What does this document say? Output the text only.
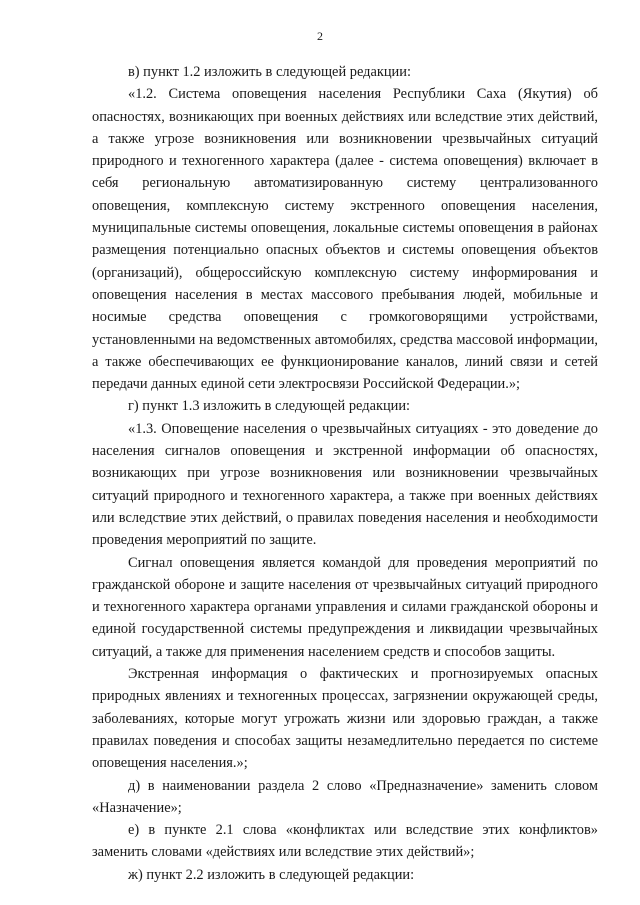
2

в) пункт 1.2 изложить в следующей редакции:

«1.2. Система оповещения населения Республики Саха (Якутия) об опасностях, возникающих при военных действиях или вследствие этих действий, а также угрозе возникновения или возникновении чрезвычайных ситуаций природного и техногенного характера (далее - система оповещения) включает в себя региональную автоматизированную систему централизованного оповещения, комплексную систему экстренного оповещения населения, муниципальные системы оповещения, локальные системы оповещения в районах размещения потенциально опасных объектов и системы оповещения объектов (организаций), общероссийскую комплексную систему информирования и оповещения населения в местах массового пребывания людей, мобильные и носимые средства оповещения с громкоговорящими устройствами, установленными на ведомственных автомобилях, средства массовой информации, а также обеспечивающих ее функционирование каналов, линий связи и сетей передачи данных единой сети электросвязи Российской Федерации.»;

г) пункт 1.3 изложить в следующей редакции:

«1.3. Оповещение населения о чрезвычайных ситуациях - это доведение до населения сигналов оповещения и экстренной информации об опасностях, возникающих при угрозе возникновения или возникновении чрезвычайных ситуаций природного и техногенного характера, а также при военных действиях или вследствие этих действий, о правилах поведения населения и необходимости проведения мероприятий по защите.

Сигнал оповещения является командой для проведения мероприятий по гражданской обороне и защите населения от чрезвычайных ситуаций природного и техногенного характера органами управления и силами гражданской обороны и единой государственной системы предупреждения и ликвидации чрезвычайных ситуаций, а также для применения населением средств и способов защиты.

Экстренная информация о фактических и прогнозируемых опасных природных явлениях и техногенных процессах, загрязнении окружающей среды, заболеваниях, которые могут угрожать жизни или здоровью граждан, а также правилах поведения и способах защиты незамедлительно передается по системе оповещения населения.»;

д) в наименовании раздела 2 слово «Предназначение» заменить словом «Назначение»;

е) в пункте 2.1 слова «конфликтах или вследствие этих конфликтов» заменить словами «действиях или вследствие этих действий»;

ж) пункт 2.2 изложить в следующей редакции:
